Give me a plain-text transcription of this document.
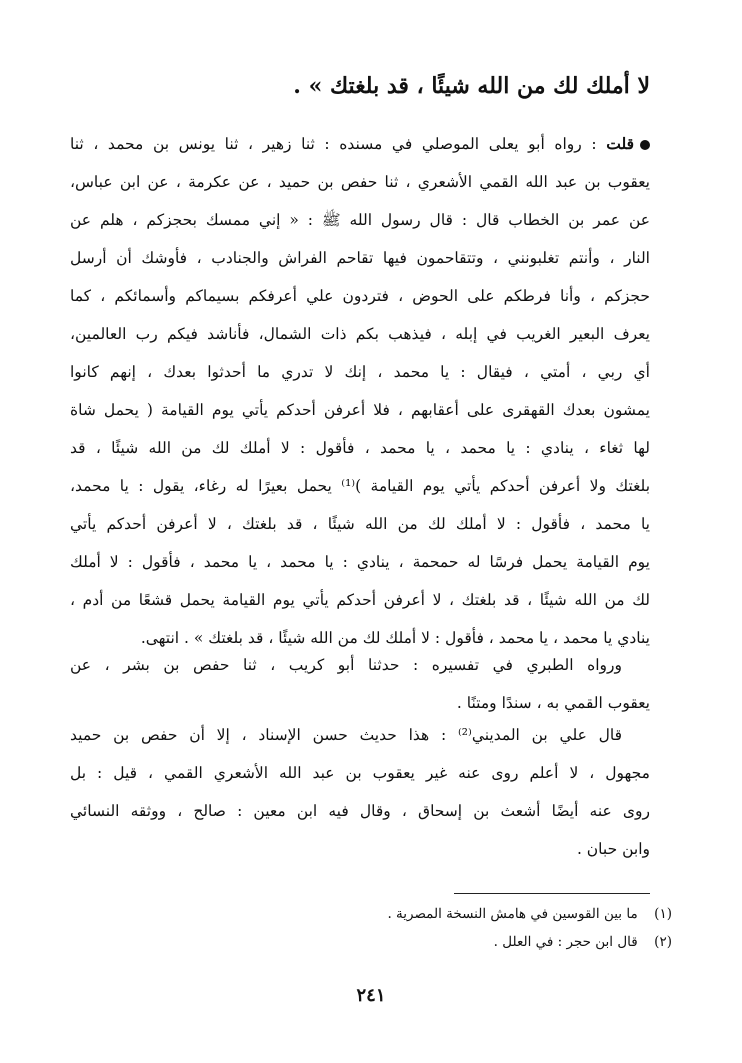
لا أملك لك من الله شيئًا ، قد بلغتك » .
قلت : رواه أبو يعلى الموصلي في مسنده : ثنا زهير ، ثنا يونس بن محمد ، ثنا
يعقوب بن عبد الله القمي الأشعري ، ثنا حفص بن حميد ، عن عكرمة ، عن ابن عباس،
عن عمر بن الخطاب قال : قال رسول الله ﷺ : « إني ممسك بحجزكم ، هلم عن
النار ، وأنتم تغلبونني ، وتتقاحمون فيها تقاحم الفراش والجنادب ، فأوشك أن أرسل
حجزكم ، وأنا فرطكم على الحوض ، فتردون علي أعرفكم بسيماكم وأسمائكم ، كما
يعرف البعير الغريب في إبله ، فيذهب بكم ذات الشمال، فأناشد فيكم رب العالمين،
أي ربي ، أمتي ، فيقال : يا محمد ، إنك لا تدري ما أحدثوا بعدك ، إنهم كانوا
يمشون بعدك القهقرى على أعقابهم ، فلا أعرفن أحدكم يأتي يوم القيامة ( يحمل شاة
لها ثغاء ، ينادي : يا محمد ، يا محمد ، فأقول : لا أملك لك من الله شيئًا ، قد
بلغتك ولا أعرفن أحدكم يأتي يوم القيامة )⁽¹⁾ يحمل بعيرًا له رغاء، يقول : يا محمد،
يا محمد ، فأقول : لا أملك لك من الله شيئًا ، قد بلغتك ، لا أعرفن أحدكم يأتي
يوم القيامة يحمل فرسًا له حمحمة ، ينادي : يا محمد ، يا محمد ، فأقول : لا أملك
لك من الله شيئًا ، قد بلغتك ، لا أعرفن أحدكم يأتي يوم القيامة يحمل قشعًا من أدم ،
ينادي يا محمد ، يا محمد ، فأقول : لا أملك لك من الله شيئًا ، قد بلغتك » . انتهى.
ورواه الطبري في تفسيره : حدثنا أبو كريب ، ثنا حفص بن بشر ، عن
يعقوب القمي به ، سندًا ومتنًا .
قال علي بن المديني⁽²⁾ : هذا حديث حسن الإسناد ، إلا أن حفص بن حميد
مجهول ، لا أعلم روى عنه غير يعقوب بن عبد الله الأشعري القمي ، قيل : بل
روى عنه أيضًا أشعث بن إسحاق ، وقال فيه ابن معين : صالح ، ووثقه النسائي
وابن حبان .
(١) ما بين القوسين في هامش النسخة المصرية .
(٢) قال ابن حجر : في العلل .
٢٤١
